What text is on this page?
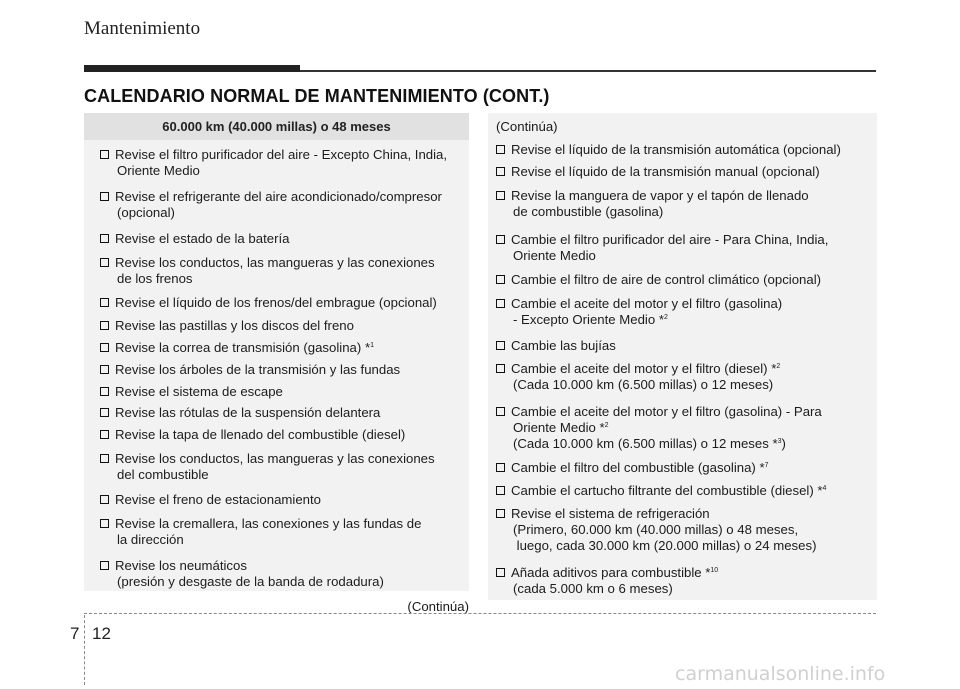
Mantenimiento
CALENDARIO NORMAL DE MANTENIMIENTO (CONT.)
60.000 km (40.000 millas) o 48 meses
Revise el filtro purificador del aire - Excepto China, India,
Oriente Medio
Revise el refrigerante del aire acondicionado/compresor
(opcional)
Revise el estado de la batería
Revise los conductos, las mangueras y las conexiones
de los frenos
Revise el líquido de los frenos/del embrague (opcional)
Revise las pastillas y los discos del freno
Revise la correa de transmisión (gasolina) *$^1$
Revise los árboles de la transmisión y las fundas
Revise el sistema de escape
Revise las rótulas de la suspensión delantera
Revise la tapa de llenado del combustible (diesel)
Revise los conductos, las mangueras y las conexiones
del combustible
Revise el freno de estacionamiento
Revise la cremallera, las conexiones y las fundas de
la dirección
Revise los neumáticos
(presión y desgaste de la banda de rodadura)
(Continúa)
(Continúa)
Revise el líquido de la transmisión automática (opcional)
Revise el líquido de la transmisión manual (opcional)
Revise la manguera de vapor y el tapón de llenado
de combustible (gasolina)
Cambie el filtro purificador del aire - Para China, India,
Oriente Medio
Cambie el filtro de aire de control climático (opcional)
Cambie el aceite del motor y el filtro (gasolina)
- Excepto Oriente Medio *$^2$
Cambie las bujías
Cambie el aceite del motor y el filtro (diesel) *$^2$
(Cada 10.000 km (6.500 millas) o 12 meses)
Cambie el aceite del motor y el filtro (gasolina) - Para
Oriente Medio *$^2$
(Cada 10.000 km (6.500 millas) o 12 meses *$^3$)
Cambie el filtro del combustible (gasolina) *$^7$
Cambie el cartucho filtrante del combustible (diesel) *$^4$
Revise el sistema de refrigeración
(Primero, 60.000 km (40.000 millas) o 48 meses,
luego, cada 30.000 km (20.000 millas) o 24 meses)
Añada aditivos para combustible *$^{10}$
(cada 5.000 km o 6 meses)
7 12
carmanualsonline.info
